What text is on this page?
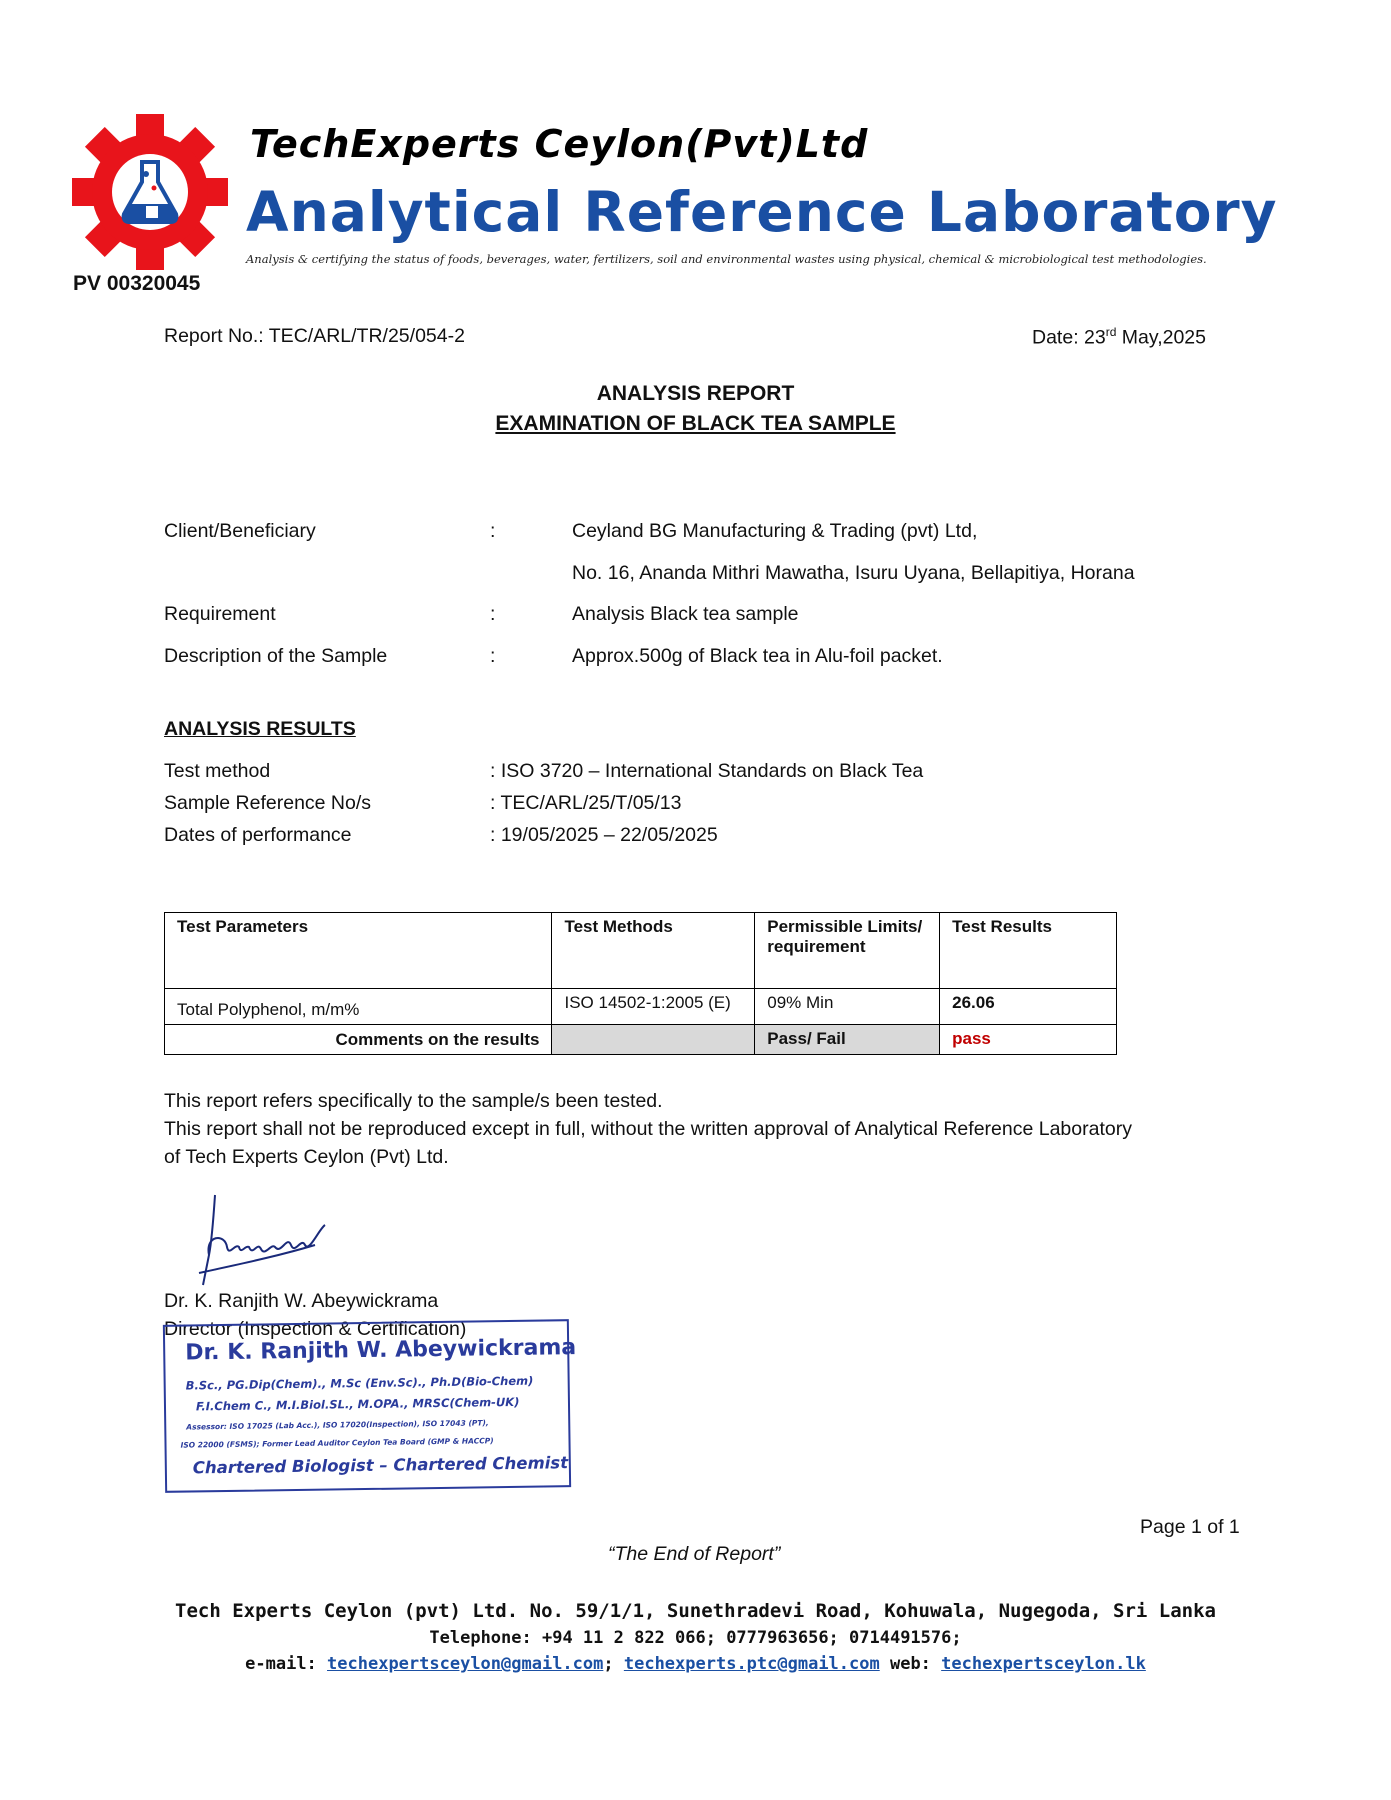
TechExperts Ceylon(Pvt)Ltd
Analytical Reference Laboratory
Analysis & certifying the status of foods, beverages, water, fertilizers, soil and environmental wastes using physical, chemical & microbiological test methodologies.
PV 00320045
Report No.: TEC/ARL/TR/25/054-2	Date: 23rd May,2025
ANALYSIS REPORT
EXAMINATION OF BLACK TEA SAMPLE
Client/Beneficiary	:	Ceyland BG Manufacturing & Trading (pvt) Ltd,
No. 16, Ananda Mithri Mawatha, Isuru Uyana, Bellapitiya, Horana
Requirement	:	Analysis Black tea sample
Description of the Sample	:	Approx.500g of Black tea in Alu-foil packet.
ANALYSIS RESULTS
Test method	: ISO 3720 – International Standards on Black Tea
Sample Reference No/s	: TEC/ARL/25/T/05/13
Dates of performance	: 19/05/2025 – 22/05/2025
Test Parameters	Test Methods	Permissible Limits/ requirement	Test Results
Total Polyphenol, m/m%	ISO 14502-1:2005 (E)	09% Min	26.06
Comments on the results		Pass/ Fail	pass
This report refers specifically to the sample/s been tested.
This report shall not be reproduced except in full, without the written approval of Analytical Reference Laboratory
of Tech Experts Ceylon (Pvt) Ltd.
Dr. K. Ranjith W. Abeywickrama
Director (Inspection & Certification)
Dr. K. Ranjith W. Abeywickrama
B.Sc., PG.Dip(Chem)., M.Sc (Env.Sc)., Ph.D(Bio-Chem)
F.I.Chem C., M.I.Biol.SL., M.OPA., MRSC(Chem-UK)
Assessor: ISO 17025 (Lab Acc.), ISO 17020(Inspection), ISO 17043 (PT),
ISO 22000 (FSMS); Former Lead Auditor Ceylon Tea Board (GMP & HACCP)
Chartered Biologist – Chartered Chemist
Page 1 of 1
“The End of Report”
Tech Experts Ceylon (pvt) Ltd. No. 59/1/1, Sunethradevi Road, Kohuwala, Nugegoda, Sri Lanka
Telephone: +94 11 2 822 066; 0777963656; 0714491576;
e-mail: techexpertsceylon@gmail.com; techexperts.ptc@gmail.com web: techexpertsceylon.lk
